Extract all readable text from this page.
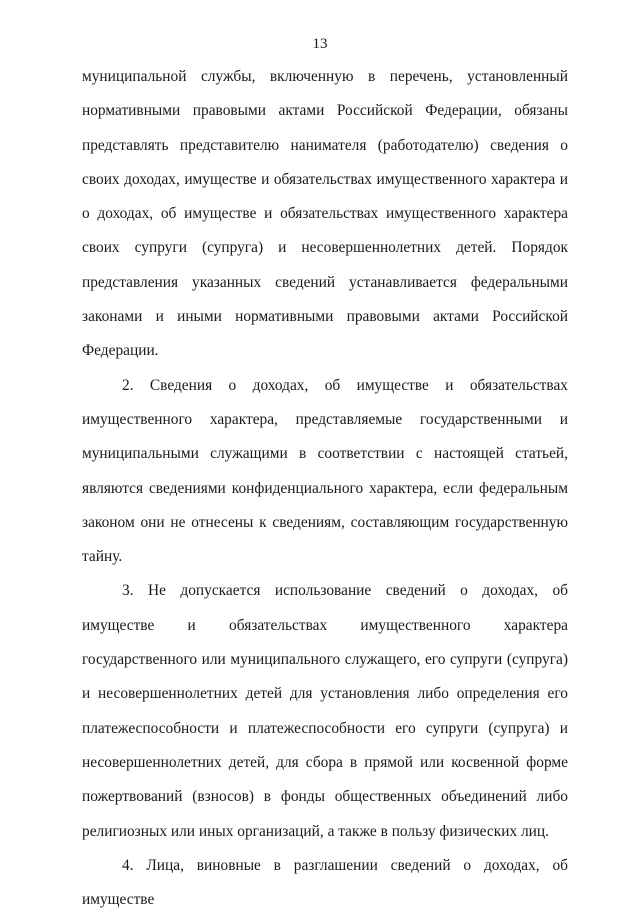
13

муниципальной службы, включенную в перечень, установленный нормативными правовыми актами Российской Федерации, обязаны представлять представителю нанимателя (работодателю) сведения о своих доходах, имуществе и обязательствах имущественного характера и о доходах, об имуществе и обязательствах имущественного характера своих супруги (супруга) и несовершеннолетних детей. Порядок представления указанных сведений устанавливается федеральными законами и иными нормативными правовыми актами Российской Федерации.

2. Сведения о доходах, об имуществе и обязательствах имущественного характера, представляемые государственными и муниципальными служащими в соответствии с настоящей статьей, являются сведениями конфиденциального характера, если федеральным законом они не отнесены к сведениям, составляющим государственную тайну.

3. Не допускается использование сведений о доходах, об имуществе и обязательствах имущественного характера государственного или муниципального служащего, его супруги (супруга) и несовершеннолетних детей для установления либо определения его платежеспособности и платежеспособности его супруги (супруга) и несовершеннолетних детей, для сбора в прямой или косвенной форме пожертвований (взносов) в фонды общественных объединений либо религиозных или иных организаций, а также в пользу физических лиц.

4. Лица, виновные в разглашении сведений о доходах, об имуществе
